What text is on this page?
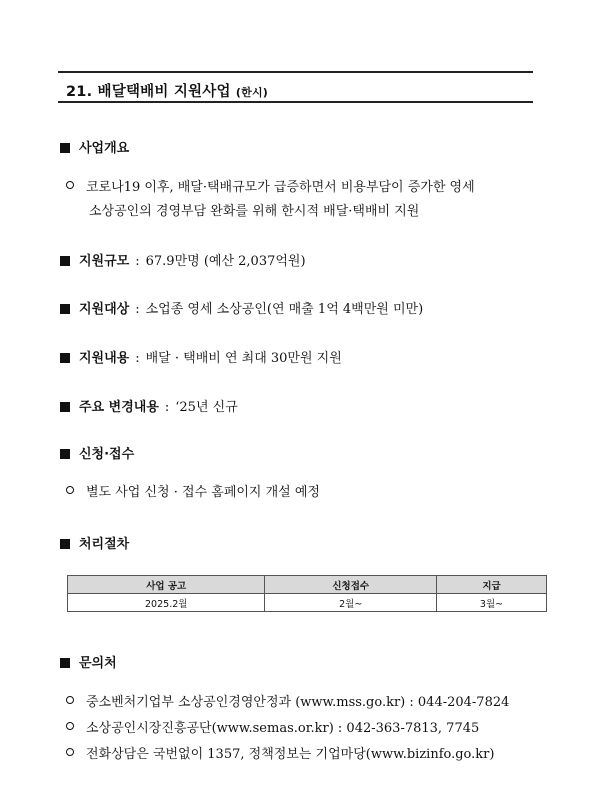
21. 배달택배비 지원사업 (한시)
사업개요
코로나19 이후, 배달·택배규모가 급증하면서 비용부담이 증가한 영세
소상공인의 경영부담 완화를 위해 한시적 배달·택배비 지원
지원규모 : 67.9만명 (예산 2,037억원)
지원대상 : 소업종 영세 소상공인(연 매출 1억 4백만원 미만)
지원내용 : 배달 · 택배비 연 최대 30만원 지원
주요 변경내용 : ‘25년 신규
신청·접수
별도 사업 신청 · 접수 홈페이지 개설 예정
처리절차
사업 공고	신청접수	지급
2025.2월	2월~	3월~
문의처
중소벤처기업부 소상공인경영안정과 (www.mss.go.kr) : 044-204-7824
소상공인시장진흥공단(www.semas.or.kr) : 042-363-7813, 7745
전화상담은 국번없이 1357, 정책정보는 기업마당(www.bizinfo.go.kr)
